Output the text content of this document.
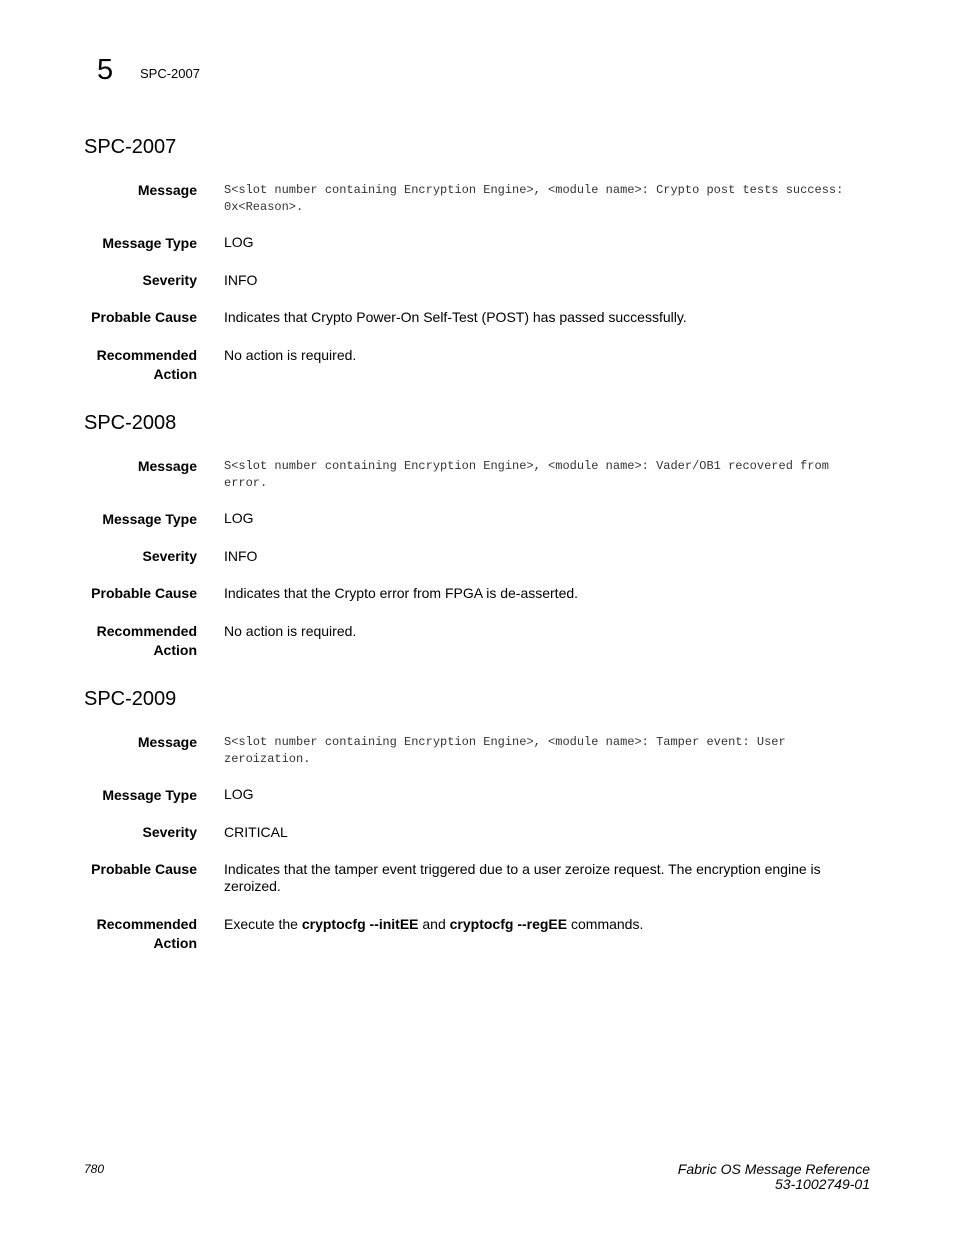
5 SPC-2007
SPC-2007
Message S<slot number containing Encryption Engine>, <module name>: Crypto post tests success: 0x<Reason>.
Message Type LOG
Severity INFO
Probable Cause Indicates that Crypto Power-On Self-Test (POST) has passed successfully.
Recommended
Action
No action is required.
SPC-2008
Message S<slot number containing Encryption Engine>, <module name>: Vader/OB1 recovered from error.
Message Type LOG
Severity INFO
Probable Cause Indicates that the Crypto error from FPGA is de-asserted.
Recommended
Action
No action is required.
SPC-2009
Message S<slot number containing Encryption Engine>, <module name>: Tamper event: User zeroization.
Message Type LOG
Severity CRITICAL
Probable Cause Indicates that the tamper event triggered due to a user zeroize request. The encryption engine is zeroized.
Recommended
Action
Execute the cryptocfg --initEE and cryptocfg --regEE commands.
780	Fabric OS Message Reference
53-1002749-01
